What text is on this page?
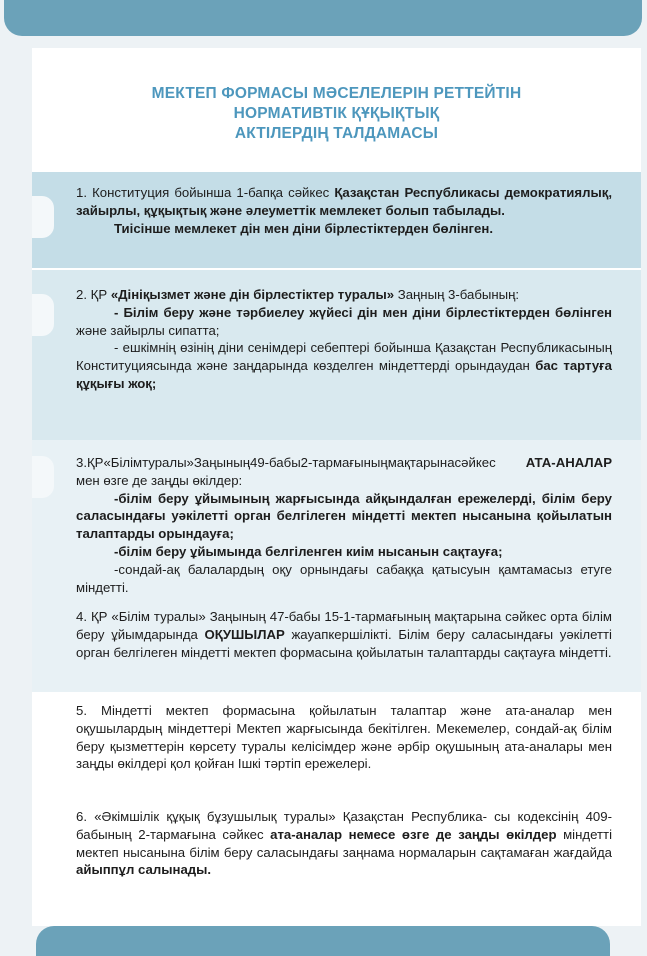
МЕКТЕП ФОРМАСЫ МӘСЕЛЕЛЕРІН РЕТТЕЙТІН
НОРМАТИВТІК ҚҰҚЫҚТЫҚ
АКТІЛЕРДІҢ ТАЛДАМАСЫ

1. Конституция бойынша 1-бапқа сәйкес Қазақстан Республикасы демократиялық, зайырлы, құқықтық және әлеуметтік мемлекет болып табылады.

Тиісінше мемлекет дін мен діни бірлестіктерден бөлінген.

2. ҚР «Дініқызмет және дін бірлестіктер туралы» Заңның 3-бабының:

- Білім беру және тәрбиелеу жүйесі дін мен діни бірлестіктерден бөлінген және зайырлы сипатта;

- ешкімнің өзінің діни сенімдері себептері бойынша Қазақстан Республикасының Конституциясында және заңдарында көзделген міндеттерді орындаудан бас тартуға құқығы жоқ;

3.ҚР«Білімтуралы»Заңының49-бабы2-тармағыныңмақтарынасәйкес АТА-АНАЛАР мен өзге де заңды өкілдер:

-білім беру ұйымының жарғысында айқындалған ережелерді, білім беру саласындағы уәкілетті орган белгілеген міндетті мектеп нысанына қойылатын талаптарды орындауға;

-білім беру ұйымында белгіленген киім нысанын сақтауға;

-сондай-ақ балалардың оқу орнындағы сабаққа қатысуын қамтамасыз етуге міндетті.

4. ҚР «Білім туралы» Заңының 47-бабы 15-1-тармағының мақтарына сәйкес орта білім беру ұйымдарында ОҚУШЫЛАР жауапкершілікті. Білім беру саласындағы уәкілетті орган белгілеген міндетті мектеп формасына қойылатын талаптарды сақтауға міндетті.

5. Міндетті мектеп формасына қойылатын талаптар және ата-аналар мен оқушылардың міндеттері Мектеп жарғысында бекітілген. Мекемелер, сондай-ақ білім беру қызметтерін көрсету туралы келісімдер және әрбір оқушының ата-аналары мен заңды өкілдері қол қойған Ішкі тәртіп ережелері.

6. «Әкімшілік құқық бұзушылық туралы» Қазақстан Республика- сы кодексінің 409-бабының 2-тармағына сәйкес ата-аналар немесе өзге де заңды өкілдер міндетті мектеп нысанына білім беру саласындағы заңнама нормаларын сақтамаған жағдайда айыппұл салынады.
